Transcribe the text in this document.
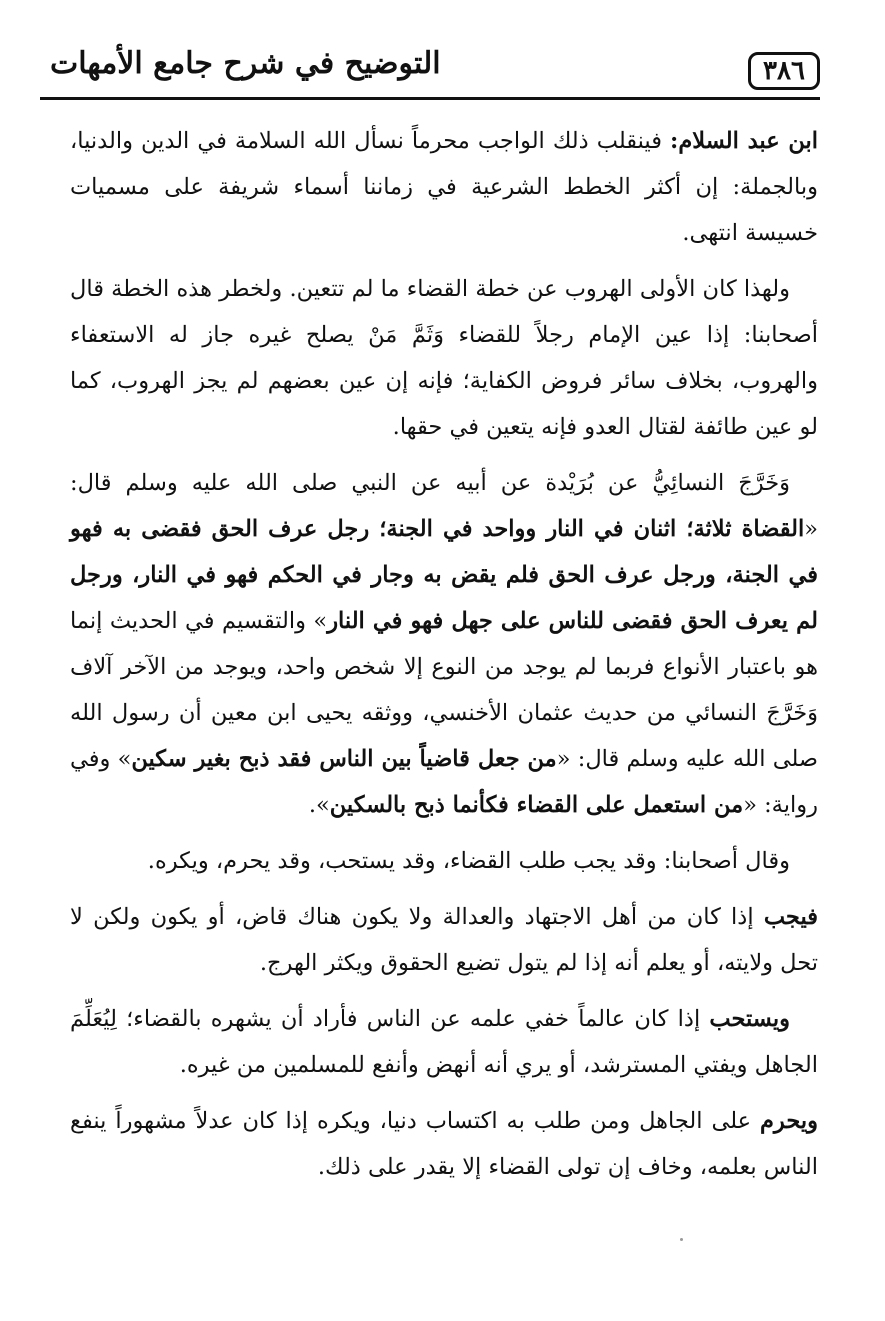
٣٨٦
التوضيح في شرح جامع الأمهات

ابن عبد السلام: فينقلب ذلك الواجب محرماً نسأل الله السلامة في الدين والدنيا، وبالجملة: إن أكثر الخطط الشرعية في زماننا أسماء شريفة على مسميات خسيسة انتهى.

ولهذا كان الأولى الهروب عن خطة القضاء ما لم تتعين. ولخطر هذه الخطة قال أصحابنا: إذا عين الإمام رجلاً للقضاء وَثَمَّ مَنْ يصلح غيره جاز له الاستعفاء والهروب، بخلاف سائر فروض الكفاية؛ فإنه إن عين بعضهم لم يجز الهروب، كما لو عين طائفة لقتال العدو فإنه يتعين في حقها.

وَخَرَّجَ النسائِيُّ عن بُرَيْدة عن أبيه عن النبي صلى الله عليه وسلم قال: «القضاة ثلاثة؛ اثنان في النار وواحد في الجنة؛ رجل عرف الحق فقضى به فهو في الجنة، ورجل عرف الحق فلم يقض به وجار في الحكم فهو في النار، ورجل لم يعرف الحق فقضى للناس على جهل فهو في النار» والتقسيم في الحديث إنما هو باعتبار الأنواع فربما لم يوجد من النوع إلا شخص واحد، ويوجد من الآخر آلاف وَخَرَّجَ النسائي من حديث عثمان الأخنسي، ووثقه يحيى ابن معين أن رسول الله صلى الله عليه وسلم قال: «من جعل قاضياً بين الناس فقد ذبح بغير سكين» وفي رواية: «من استعمل على القضاء فكأنما ذبح بالسكين».

وقال أصحابنا: وقد يجب طلب القضاء، وقد يستحب، وقد يحرم، ويكره.

فيجب إذا كان من أهل الاجتهاد والعدالة ولا يكون هناك قاض، أو يكون ولكن لا تحل ولايته، أو يعلم أنه إذا لم يتول تضيع الحقوق ويكثر الهرج.

ويستحب إذا كان عالماً خفي علمه عن الناس فأراد أن يشهره بالقضاء؛ لِيُعَلِّمَ الجاهل ويفتي المسترشد، أو يري أنه أنهض وأنفع للمسلمين من غيره.

ويحرم على الجاهل ومن طلب به اكتساب دنيا، ويكره إذا كان عدلاً مشهوراً ينفع الناس بعلمه، وخاف إن تولى القضاء إلا يقدر على ذلك.
